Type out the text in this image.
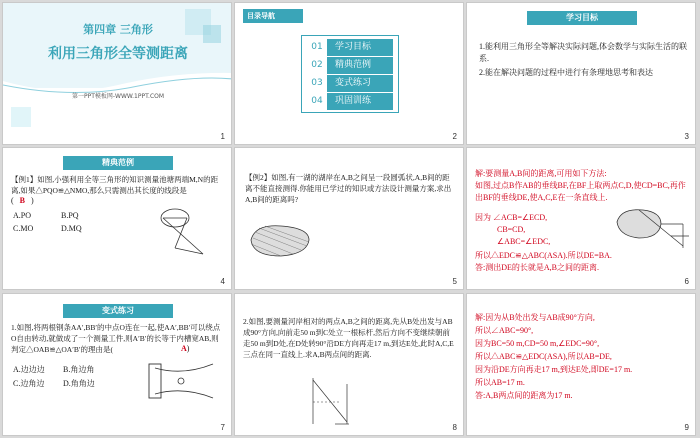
第四章 三角形
利用三角形全等测距离
第一PPT模板网-WWW.1PPT.COM
1
目录导航
01	学习目标
02	精典范例
03	变式练习
04	巩固训练
2
学习目标
1.能利用三角形全等解决实际问题,体会数学与实际生活的联系.
2.能在解决问题的过程中进行有条理地思考和表达
3
精典范例
【例1】如图,小强利用全等三角形的知识测量池塘两端M,N的距离,如果△PQO≌△NMO,那么只需测出其长度的线段是
( B )
A.PO	B.PQ
C.MO	D.MQ
4
【例2】如图,有一湖的湖岸在A,B之间呈一段圆弧状,A,B间的距离不能直接测得.你能用已学过的知识或方法设计测量方案,求出A,B间的距离吗?
5
解:要测量A,B间的距离,可用如下方法:
如图,过点B作AB的垂线BF,在BF上取两点C,D,使CD=BC,再作出BF的垂线DE,使A,C,E在一条直线上.
因为 ∠ACB=∠ECD,
CB=CD,
∠ABC=∠EDC,
所以△EDC≌△ABC(ASA).所以DE=BA.
答:测出DE的长就是A,B之间的距离.
6
变式练习
1.如图,将两根钢条AA′,BB′的中点O连在一起,使AA′,BB′可以绕点O自由转动,就做成了一个测量工件,则A′B′的长等于内槽宽AB,则判定△OAB≌△OA′B′的理由是(	A)
A.边边边 B.角边角
C.边角边 D.角角边
7
2.如图,要测量河岸相对的两点A,B之间的距离,先从B处出发与AB成90°方向,向前走50 m到C处立一根标杆,然后方向不变继续朝前走50 m到D处,在D处转90°沿DE方向再走17 m,到达E处,此时A,C,E三点在同一直线上.求A,B两点间的距离.
8
解:因为从B处出发与AB成90°方向,
所以∠ABC=90°,
因为BC=50 m,CD=50 m,∠EDC=90°,
所以△ABC≌△EDC(ASA),所以AB=DE,
因为沿DE方向再走17 m,到达E处,即DE=17 m.
所以AB=17 m.
答:A,B两点间的距离为17 m.
9
